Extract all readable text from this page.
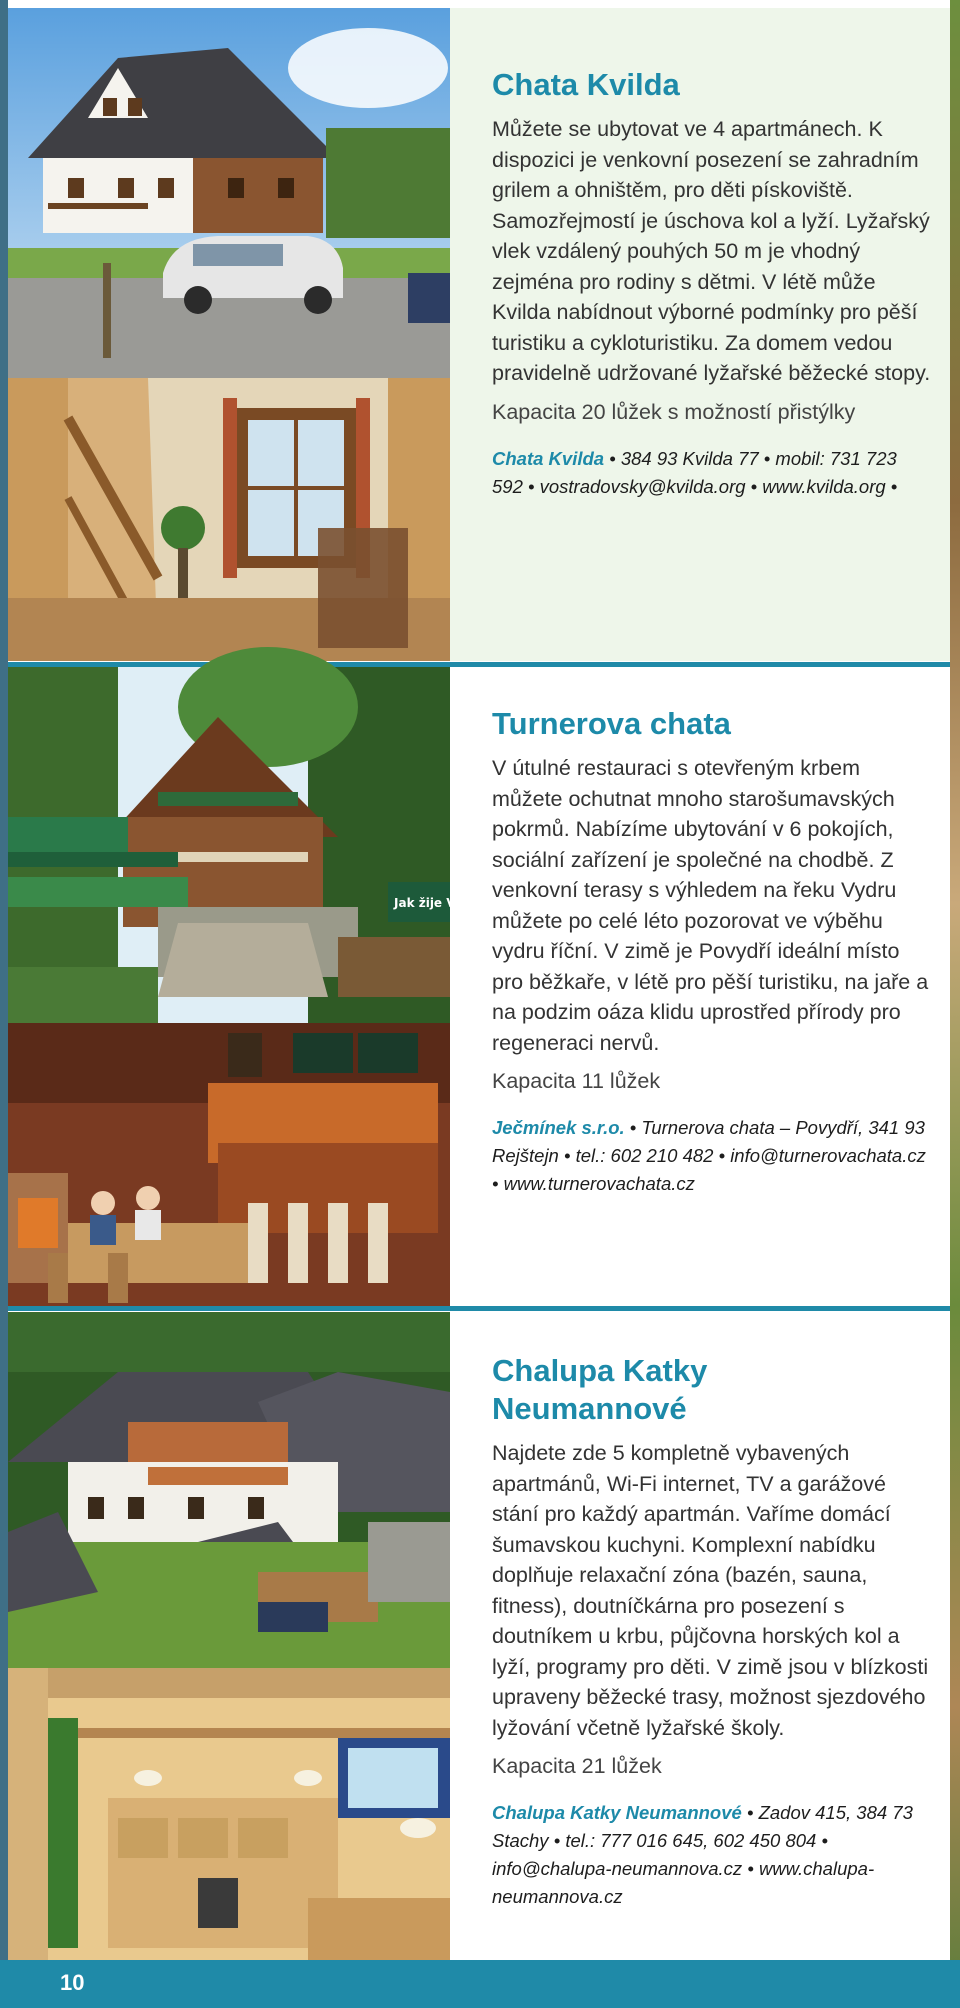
Chata Kvilda

Můžete se ubytovat ve 4 apartmánech. K dispozici je venkovní posezení se zahradním grilem a ohništěm, pro děti pískoviště. Samozřejmostí je úschova kol a lyží. Lyžařský vlek vzdálený pouhých 50 m je vhodný zejména pro rodiny s dětmi. V létě může Kvilda nabídnout výborné podmínky pro pěší turistiku a cykloturistiku. Za domem vedou pravidelně udržované lyžařské běžecké stopy.

Kapacita 20 lůžek s možností přistýlky
Chata Kvilda • 384 93 Kvilda 77 • mobil: 731 723 592 • vostradovsky@kvilda.org • www.kvilda.org •
Jak žije Vydra
Turnerova chata

V útulné restauraci s otevřeným krbem můžete ochutnat mnoho starošumavských pokrmů. Nabízíme ubytování v 6 pokojích, sociální zařízení je společné na chodbě. Z venkovní terasy s výhledem na řeku Vydru můžete po celé léto pozorovat ve výběhu vydru říční. V zimě je Povydří ideální místo pro běžkaře, v létě pro pěší turistiku, na jaře a na podzim oáza klidu uprostřed přírody pro regeneraci nervů.

Kapacita 11 lůžek
Ječmínek s.r.o. • Turnerova chata – Povydří, 341 93 Rejštejn • tel.: 602 210 482 • info@turnerovachata.cz • www.turnerovachata.cz
Chalupa Katky Neumannové

Najdete zde 5 kompletně vybavených apartmánů, Wi-Fi internet, TV a garážové stání pro každý apartmán. Vaříme domácí šumavskou kuchyni. Komplexní nabídku doplňuje relaxační zóna (bazén, sauna, fitness), doutníčkárna pro posezení s doutníkem u krbu, půjčovna horských kol a lyží, programy pro děti. V zimě jsou v blízkosti upraveny běžecké trasy, možnost sjezdového lyžování včetně lyžařské školy.

Kapacita 21 lůžek
Chalupa Katky Neumannové • Zadov 415, 384 73 Stachy • tel.: 777 016 645, 602 450 804 • info@chalupa-neumannova.cz • www.chalupa-neumannova.cz
10
